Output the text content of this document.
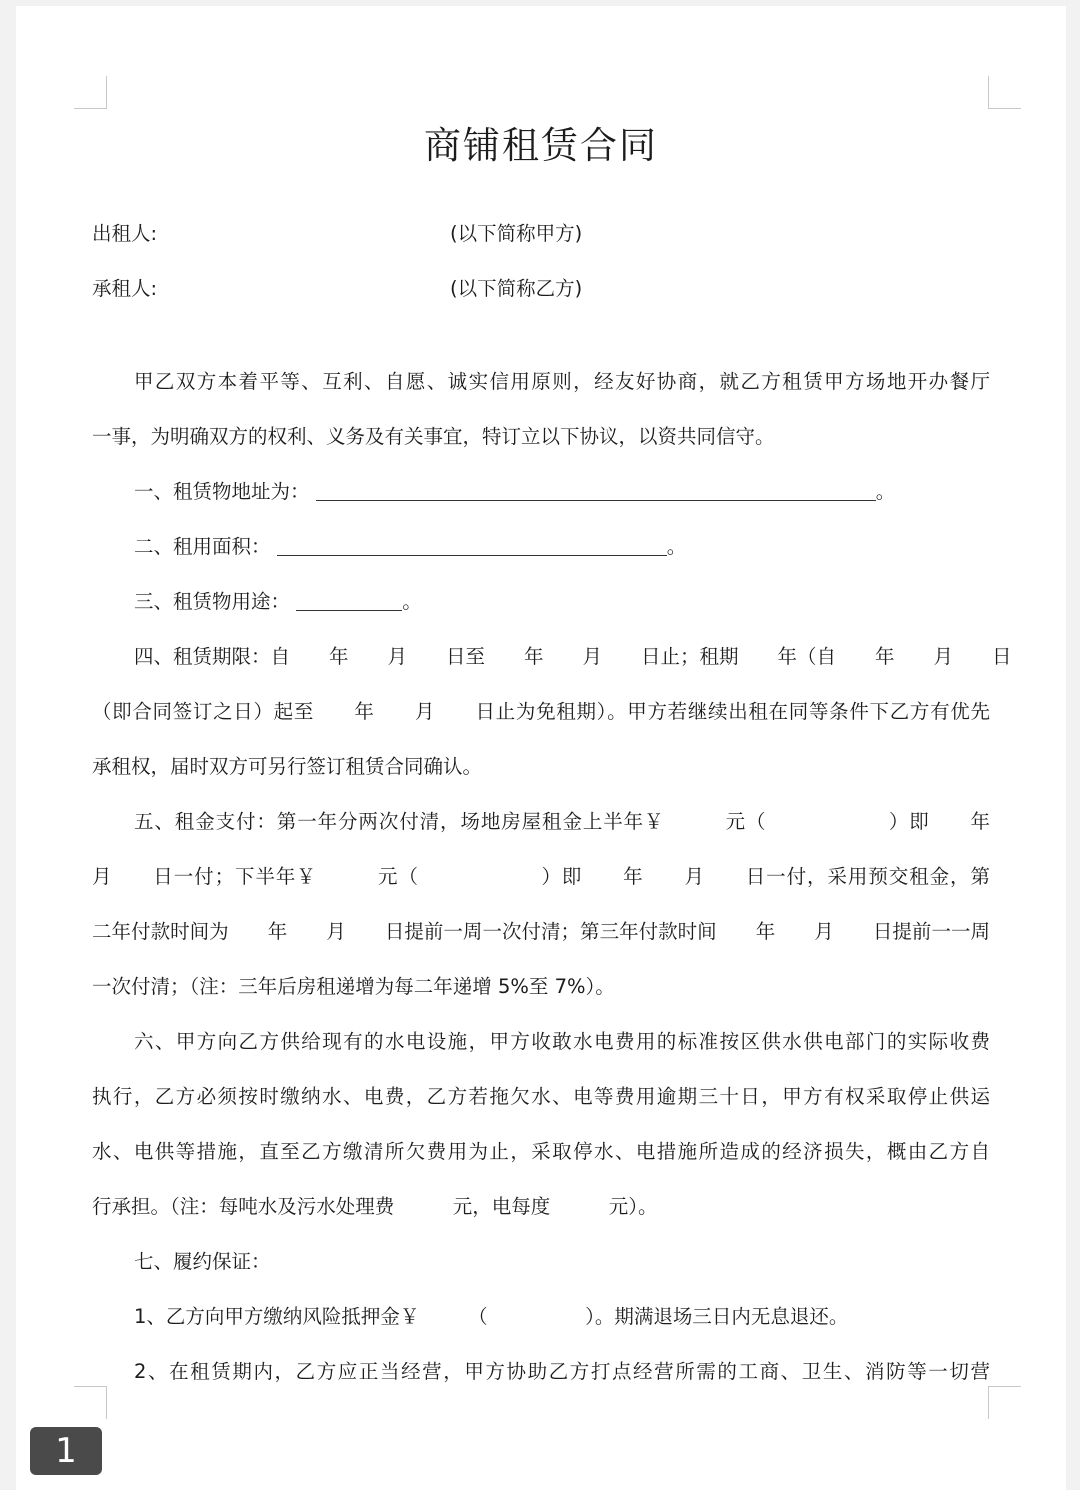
商铺租赁合同
出租人:	(以下简称甲方)
承租人:	(以下简称乙方)
甲乙双方本着平等、互利、自愿、诚实信用原则，经友好协商，就乙方租赁甲方场地开办餐厅
一事，为明确双方的权利、义务及有关事宜，特订立以下协议，以资共同信守。
一、租赁物地址为：	。
二、租用面积：	。
三、租赁物用途：	。
四、租赁期限：自　　年　　月　　日至　　年　　月　　日止；租期　　年（自　　年　　月　　日
（即合同签订之日）起至　　年　　月　　日止为免租期）。甲方若继续出租在同等条件下乙方有优先
承租权，届时双方可另行签订租赁合同确认。
五、租金支付：第一年分两次付清，场地房屋租金上半年￥　　　元（　　　　　　）即　　年
月　　日一付；下半年￥　　　元（　　　　　　）即　　年　　月　　日一付，采用预交租金，第
二年付款时间为　　年　　月　　日提前一周一次付清；第三年付款时间　　年　　月　　日提前一一周
一次付清；（注：三年后房租递增为每二年递增 5%至 7%）。
六、甲方向乙方供给现有的水电设施，甲方收敢水电费用的标准按区供水供电部门的实际收费
执行，乙方必须按时缴纳水、电费，乙方若拖欠水、电等费用逾期三十日，甲方有权采取停止供运
水、电供等措施，直至乙方缴清所欠费用为止，采取停水、电措施所造成的经济损失，概由乙方自
行承担。（注：每吨水及污水处理费　　　元，电每度　　　元）。
七、履约保证：
1、乙方向甲方缴纳风险抵押金￥　　　（　　　　　）。期满退场三日内无息退还。
2、在租赁期内，乙方应正当经营，甲方协助乙方打点经营所需的工商、卫生、消防等一切营
1
